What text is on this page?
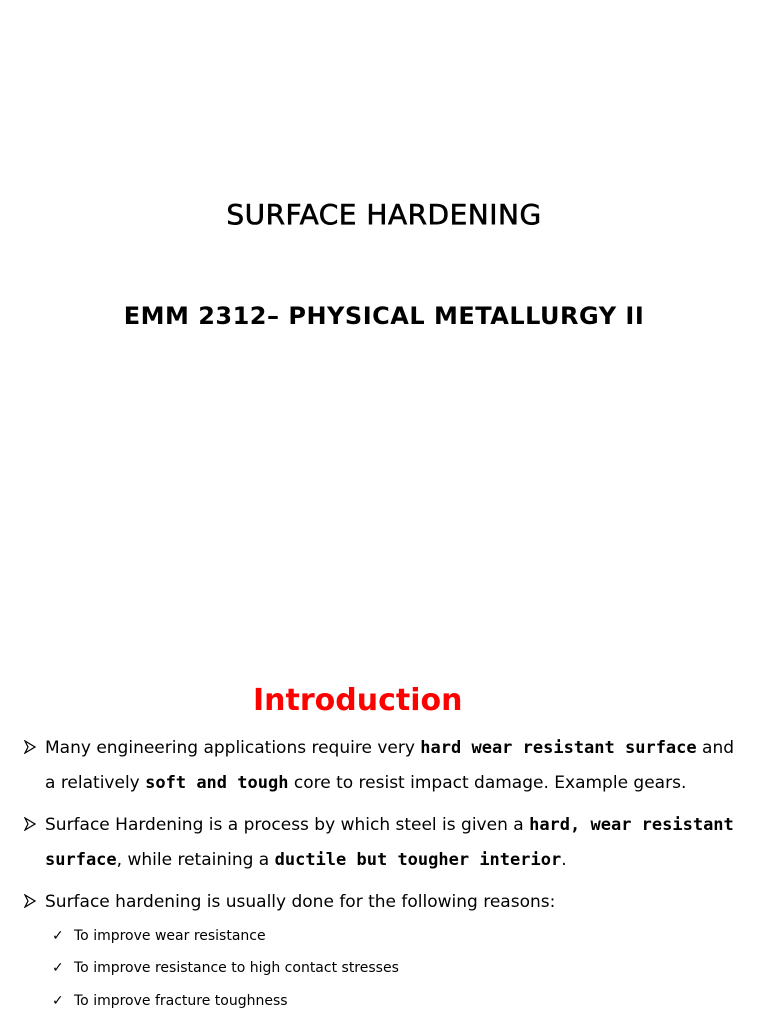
SURFACE HARDENING
EMM 2312– PHYSICAL METALLURGY II
Introduction
Many engineering applications require very hard wear resistant surface and a relatively soft and tough core to resist impact damage. Example gears.
Surface Hardening is a process by which steel is given a hard, wear resistant surface, while retaining a ductile but tougher interior.
Surface hardening is usually done for the following reasons:
✓ To improve wear resistance
✓ To improve resistance to high contact stresses
✓ To improve fracture toughness
